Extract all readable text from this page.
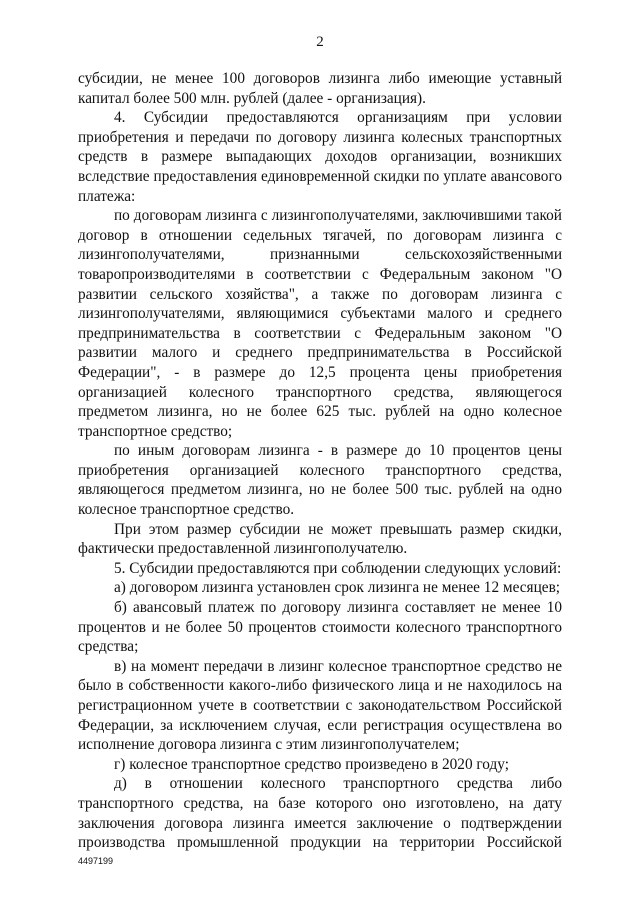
2

субсидии, не менее 100 договоров лизинга либо имеющие уставный капитал более 500 млн. рублей (далее - организация).

4. Субсидии предоставляются организациям при условии приобретения и передачи по договору лизинга колесных транспортных средств в размере выпадающих доходов организации, возникших вследствие предоставления единовременной скидки по уплате авансового платежа:

по договорам лизинга с лизингополучателями, заключившими такой договор в отношении седельных тягачей, по договорам лизинга с лизингополучателями, признанными сельскохозяйственными товаропроизводителями в соответствии с Федеральным законом "О развитии сельского хозяйства", а также по договорам лизинга с лизингополучателями, являющимися субъектами малого и среднего предпринимательства в соответствии с Федеральным законом "О развитии малого и среднего предпринимательства в Российской Федерации", - в размере до 12,5 процента цены приобретения организацией колесного транспортного средства, являющегося предметом лизинга, но не более 625 тыс. рублей на одно колесное транспортное средство;

по иным договорам лизинга - в размере до 10 процентов цены приобретения организацией колесного транспортного средства, являющегося предметом лизинга, но не более 500 тыс. рублей на одно колесное транспортное средство.

При этом размер субсидии не может превышать размер скидки, фактически предоставленной лизингополучателю.

5. Субсидии предоставляются при соблюдении следующих условий:

а) договором лизинга установлен срок лизинга не менее 12 месяцев;

б) авансовый платеж по договору лизинга составляет не менее 10 процентов и не более 50 процентов стоимости колесного транспортного средства;

в) на момент передачи в лизинг колесное транспортное средство не было в собственности какого-либо физического лица и не находилось на регистрационном учете в соответствии с законодательством Российской Федерации, за исключением случая, если регистрация осуществлена во исполнение договора лизинга с этим лизингополучателем;

г) колесное транспортное средство произведено в 2020 году;

д) в отношении колесного транспортного средства либо транспортного средства, на базе которого оно изготовлено, на дату заключения договора лизинга имеется заключение о подтверждении производства промышленной продукции на территории Российской

4497199
